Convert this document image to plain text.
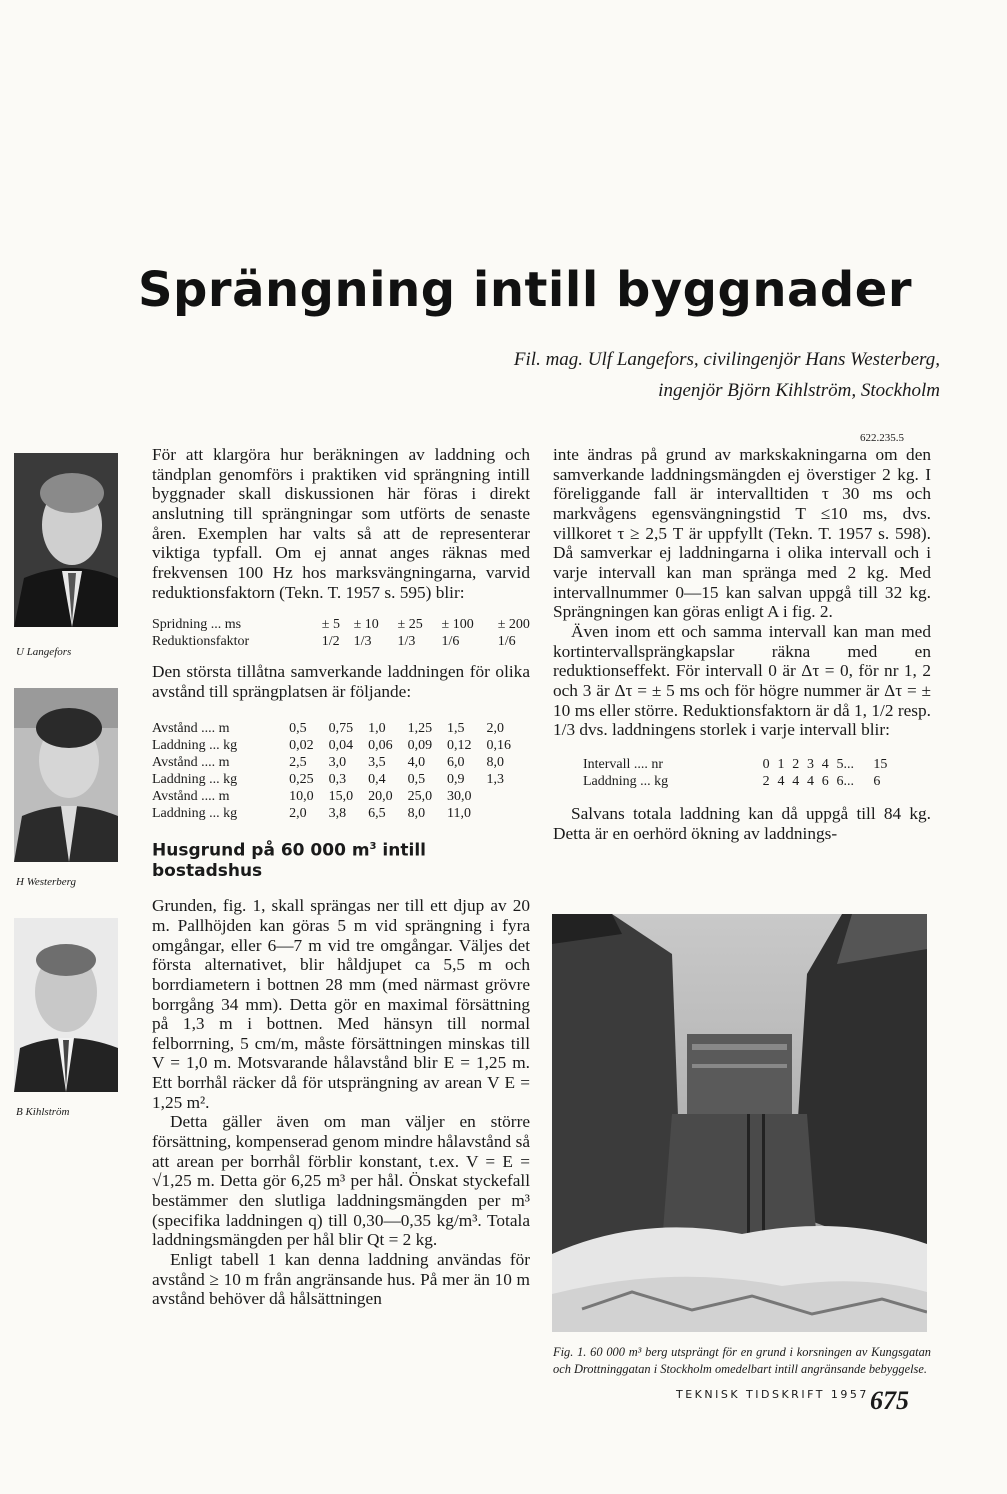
Sprängning intill byggnader
Fil. mag. Ulf Langefors, civilingenjör Hans Westerberg,
ingenjör Björn Kihlström, Stockholm
622.235.5
U Langefors
H Westerberg
B Kihlström

För att klargöra hur beräkningen av laddning och tändplan genomförs i praktiken vid sprängning intill byggnader skall diskussionen här föras i direkt anslutning till sprängningar som utförts de senaste åren. Exemplen har valts så att de representerar viktiga typfall. Om ej annat anges räknas med frekvensen 100 Hz hos marksvängningarna, varvid reduktionsfaktorn (Tekn. T. 1957 s. 595) blir:

Spridning ... ms	± 5	± 10	± 25	± 100	± 200
Reduktionsfaktor	1/2	1/3	1/3	1/6	1/6

Den största tillåtna samverkande laddningen för olika avstånd till sprängplatsen är följande:

Avstånd .... m	0,5	0,75	1,0	1,25	1,5	2,0
Laddning ... kg	0,02	0,04	0,06	0,09	0,12	0,16
Avstånd .... m	2,5	3,0	3,5	4,0	6,0	8,0
Laddning ... kg	0,25	0,3	0,4	0,5	0,9	1,3
Avstånd .... m	10,0	15,0	20,0	25,0	30,0	
Laddning ... kg	2,0	3,8	6,5	8,0	11,0	
Husgrund på 60 000 $m^3$ intill
bostadshus

Grunden, fig. 1, skall sprängas ner till ett djup av 20 m. Pallhöjden kan göras 5 m vid sprängning i fyra omgångar, eller 6—7 m vid tre omgångar. Väljes det första alternativet, blir håldjupet ca 5,5 m och borrdiametern i bottnen 28 mm (med närmast grövre borrgång 34 mm). Detta gör en maximal försättning på 1,3 m i bottnen. Med hänsyn till normal felborrning, 5 cm/m, måste försättningen minskas till V = 1,0 m. Motsvarande hålavstånd blir E = 1,25 m. Ett borrhål räcker då för utsprängning av arean V E = 1,25 m².

Detta gäller även om man väljer en större försättning, kompenserad genom mindre hålavstånd så att arean per borrhål förblir konstant, t.ex. V = E = √1,25 m. Detta gör 6,25 m³ per hål. Önskat styckefall bestämmer den slutliga laddningsmängden per m³ (specifika laddningen q) till 0,30—0,35 kg/m³. Totala laddningsmängden per hål blir Qt = 2 kg.

Enligt tabell 1 kan denna laddning användas för avstånd ≥ 10 m från angränsande hus. På mer än 10 m avstånd behöver då hålsättningen

inte ändras på grund av markskakningarna om den samverkande laddningsmängden ej överstiger 2 kg. I föreliggande fall är intervalltiden τ 30 ms och markvågens egensvängningstid T ≤10 ms, dvs. villkoret τ ≥ 2,5 T är uppfyllt (Tekn. T. 1957 s. 598). Då samverkar ej laddningarna i olika intervall och i varje intervall kan man spränga med 2 kg. Med intervallnummer 0—15 kan salvan uppgå till 32 kg. Sprängningen kan göras enligt A i fig. 2.

Även inom ett och samma intervall kan man med kortintervallsprängkapslar räkna med en reduktionseffekt. För intervall 0 är Δτ = 0, för nr 1, 2 och 3 är Δτ = ± 5 ms och för högre nummer är Δτ = ± 10 ms eller större. Reduktionsfaktorn är då 1, 1/2 resp. 1/3 dvs. laddningens storlek i varje intervall blir:

Intervall .... nr	0	1	2	3	4	5...	15
Laddning ... kg	2	4	4	4	6	6...	6

Salvans totala laddning kan då uppgå till 84 kg. Detta är en oerhörd ökning av laddnings-

Fig. 1. 60 000 m³ berg utsprängt för en grund i korsningen av Kungsgatan och Drottninggatan i Stockholm omedelbart intill angränsande bebyggelse.
TEKNISK TIDSKRIFT 1957 675
